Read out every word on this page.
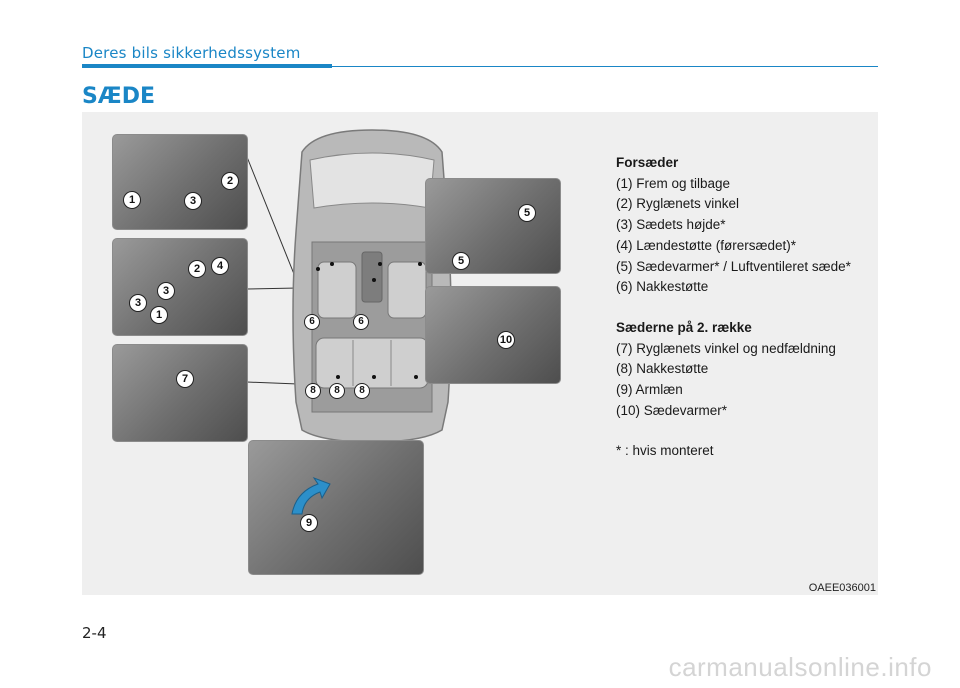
Deres bils sikkerhedssystem
SÆDE
1
2
3
2	4
3
3
1
7
5
5
10
9
6	6
8	8	8
Forsæder
(1) Frem og tilbage
(2) Ryglænets vinkel
(3) Sædets højde*
(4) Lændestøtte (førersædet)*
(5) Sædevarmer* / Luftventileret sæde*
(6) Nakkestøtte
Sæderne på 2. række
(7) Ryglænets vinkel og nedfældning
(8) Nakkestøtte
(9) Armlæn
(10) Sædevarmer*
* : hvis monteret
OAEE036001
2-4
carmanualsonline.info
